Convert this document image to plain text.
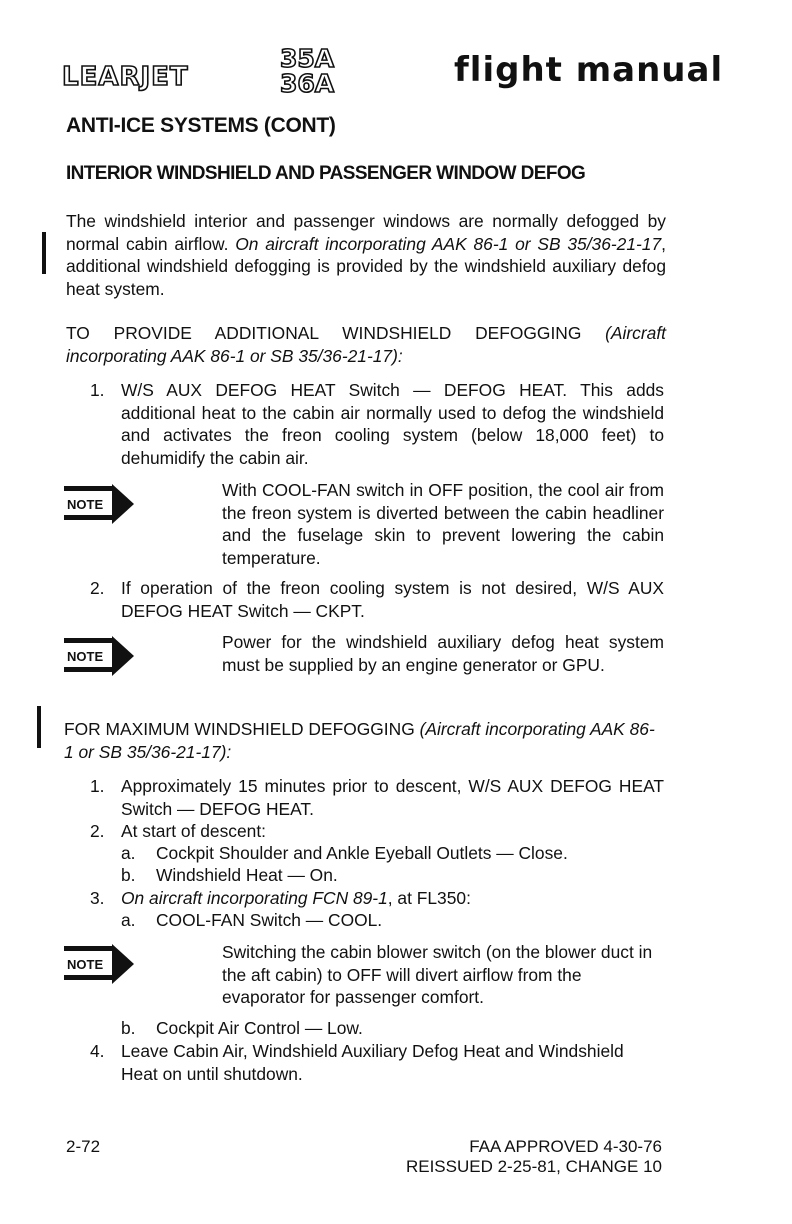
LEARJET
35A
36A	flight manual
ANTI-ICE SYSTEMS (CONT)
INTERIOR WINDSHIELD AND PASSENGER WINDOW DEFOG
The windshield interior and passenger windows are normally defogged by normal cabin airflow. On aircraft incorporating AAK 86-1 or SB 35/36-21-17, additional windshield defogging is provided by the windshield auxiliary defog heat system.
TO PROVIDE ADDITIONAL WINDSHIELD DEFOGGING (Aircraft incorporating AAK 86-1 or SB 35/36-21-17):
1. W/S AUX DEFOG HEAT Switch — DEFOG HEAT. This adds additional heat to the cabin air normally used to defog the windshield and activates the freon cooling system (below 18,000 feet) to dehumidify the cabin air.
NOTE
With COOL-FAN switch in OFF position, the cool air from the freon system is diverted between the cabin headliner and the fuselage skin to prevent lowering the cabin temperature.
2. If operation of the freon cooling system is not desired, W/S AUX DEFOG HEAT Switch — CKPT.
NOTE
Power for the windshield auxiliary defog heat system must be supplied by an engine generator or GPU.
FOR MAXIMUM WINDSHIELD DEFOGGING (Aircraft incorporating AAK 86-1 or SB 35/36-21-17):
1. Approximately 15 minutes prior to descent, W/S AUX DEFOG HEAT Switch — DEFOG HEAT.
2. At start of descent:
a. Cockpit Shoulder and Ankle Eyeball Outlets — Close.
b. Windshield Heat — On.
3. On aircraft incorporating FCN 89-1, at FL350:
a. COOL-FAN Switch — COOL.
NOTE
Switching the cabin blower switch (on the blower duct in the aft cabin) to OFF will divert airflow from the evaporator for passenger comfort.
b. Cockpit Air Control — Low.
4. Leave Cabin Air, Windshield Auxiliary Defog Heat and Windshield Heat on until shutdown.
2-72	FAA APPROVED 4-30-76
REISSUED 2-25-81, CHANGE 10
